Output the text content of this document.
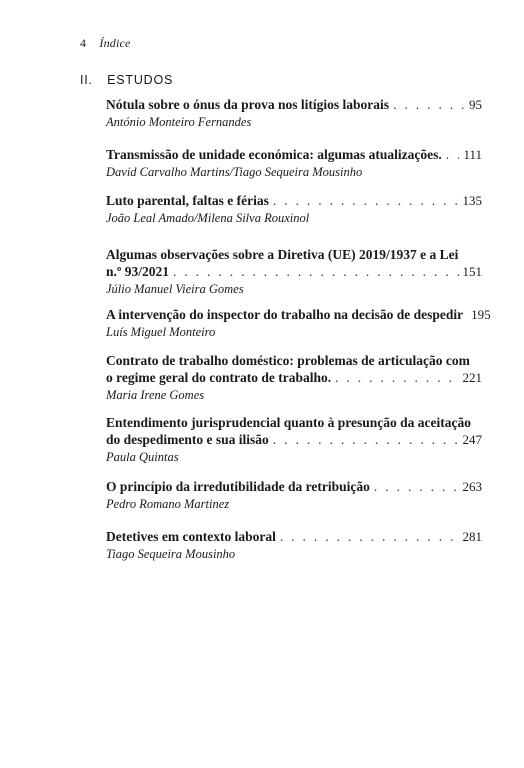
4 Índice
II. ESTUDOS
Nótula sobre o ónus da prova nos litígios laborais . . .	95
António Monteiro Fernandes
Transmissão de unidade económica: algumas atualizações. . . . 111
David Carvalho Martins/Tiago Sequeira Mousinho
Luto parental, faltas e férias . . .	135
João Leal Amado/Milena Silva Rouxinol
Algumas observações sobre a Diretiva (UE) 2019/1937 e a Lei
n.º 93/2021 . . .	151
Júlio Manuel Vieira Gomes
A intervenção do inspector do trabalho na decisão de despedir 195
Luís Miguel Monteiro
Contrato de trabalho doméstico: problemas de articulação com
o regime geral do contrato de trabalho. . . .	221
Maria Irene Gomes
Entendimento jurisprudencial quanto à presunção da aceitação
do despedimento e sua ilisão . . .	247
Paula Quintas
O princípio da irredutibilidade da retribuição . . .	263
Pedro Romano Martinez
Detetives em contexto laboral . . .	281
Tiago Sequeira Mousinho
